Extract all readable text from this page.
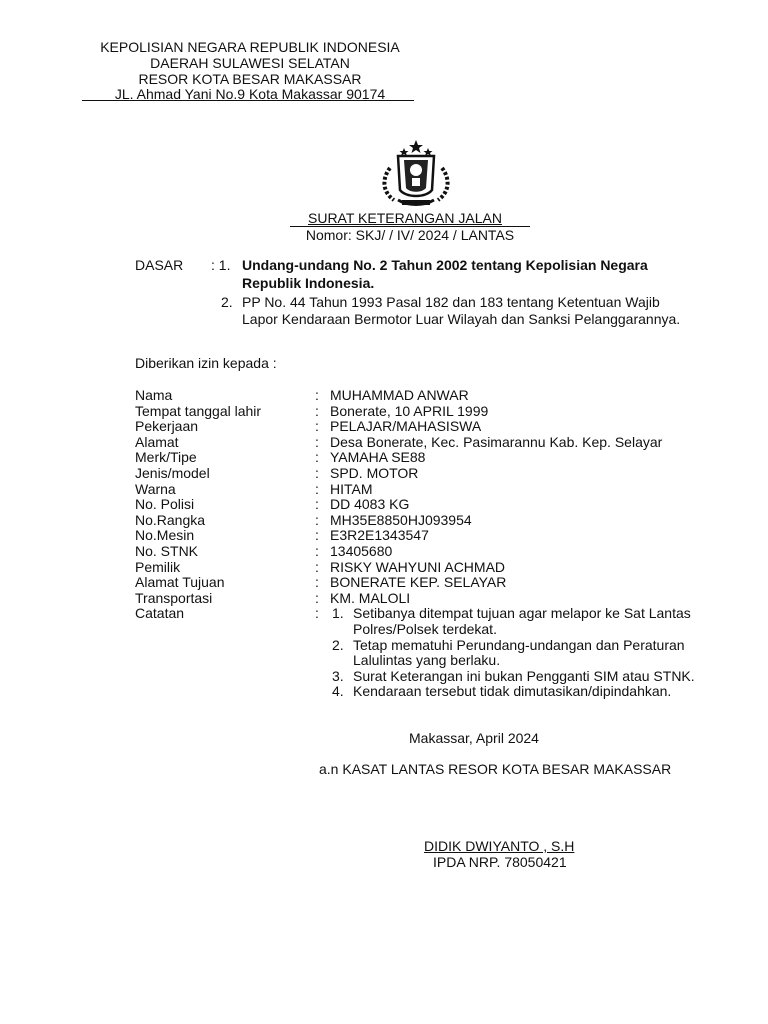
KEPOLISIAN NEGARA REPUBLIK INDONESIA
DAERAH SULAWESI SELATAN
RESOR KOTA BESAR MAKASSAR
JL. Ahmad Yani No.9 Kota Makassar 90174
SURAT KETERANGAN JALAN
Nomor: SKJ/ / IV/ 2024 / LANTAS
DASAR : 1. Undang-undang No. 2 Tahun 2002 tentang Kepolisian Negara
Republik Indonesia.
2. PP No. 44 Tahun 1993 Pasal 182 dan 183 tentang Ketentuan Wajib
Lapor Kendaraan Bermotor Luar Wilayah dan Sanksi Pelanggarannya.
Diberikan izin kepada :
Nama	: MUHAMMAD ANWAR
Tempat tanggal lahir	: Bonerate, 10 APRIL 1999
Pekerjaan	: PELAJAR/MAHASISWA
Alamat	: Desa Bonerate, Kec. Pasimarannu Kab. Kep. Selayar
Merk/Tipe	: YAMAHA SE88
Jenis/model	: SPD. MOTOR
Warna	: HITAM
No. Polisi	: DD 4083 KG
No.Rangka	: MH35E8850HJ093954
No.Mesin	: E3R2E1343547
No. STNK	: 13405680
Pemilik	: RISKY WAHYUNI ACHMAD
Alamat Tujuan	: BONERATE KEP. SELAYAR
Transportasi	: KM. MALOLI
Catatan	: 1. Setibanya ditempat tujuan agar melapor ke Sat Lantas
Polres/Polsek terdekat.
2. Tetap mematuhi Perundang-undangan dan Peraturan
Lalulintas yang berlaku.
3. Surat Keterangan ini bukan Pengganti SIM atau STNK.
4. Kendaraan tersebut tidak dimutasikan/dipindahkan.
Makassar, April 2024
a.n KASAT LANTAS RESOR KOTA BESAR MAKASSAR
DIDIK DWIYANTO , S.H
IPDA NRP. 78050421
